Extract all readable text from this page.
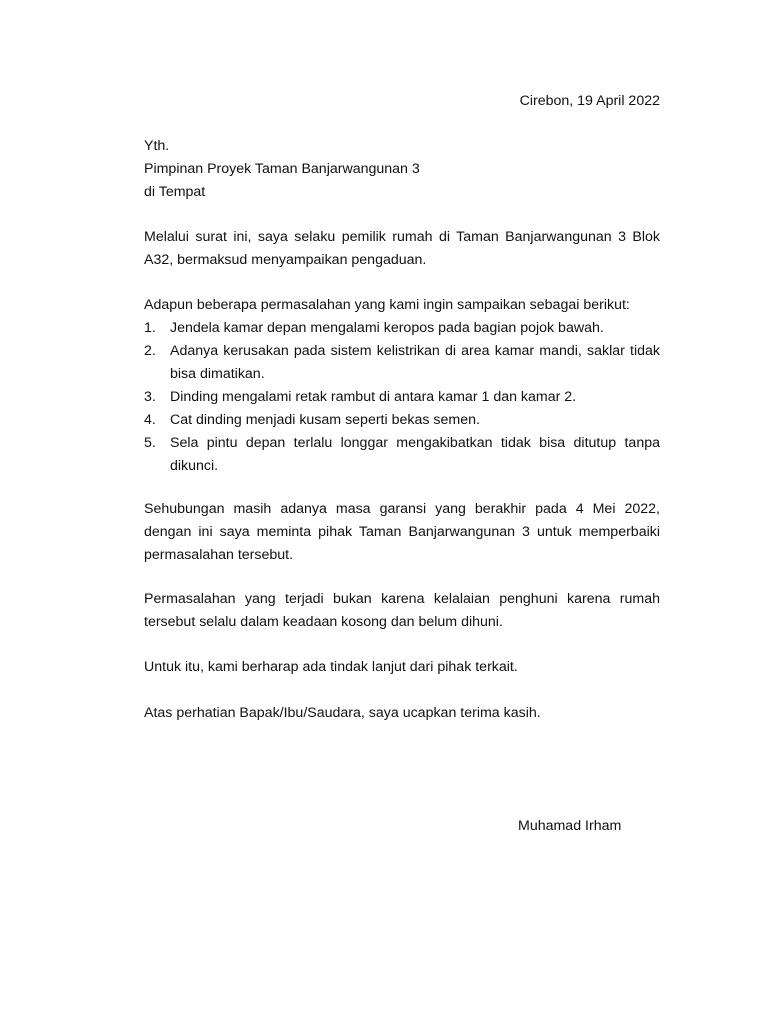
Cirebon, 19 April 2022
Yth.
Pimpinan Proyek Taman Banjarwangunan 3
di Tempat

Melalui surat ini, saya selaku pemilik rumah di Taman Banjarwangunan 3 Blok A32, bermaksud menyampaikan pengaduan.

Adapun beberapa permasalahan yang kami ingin sampaikan sebagai berikut:
1. Jendela kamar depan mengalami keropos pada bagian pojok bawah.
2. Adanya kerusakan pada sistem kelistrikan di area kamar mandi, saklar tidak bisa dimatikan.
3. Dinding mengalami retak rambut di antara kamar 1 dan kamar 2.
4. Cat dinding menjadi kusam seperti bekas semen.
5. Sela pintu depan terlalu longgar mengakibatkan tidak bisa ditutup tanpa dikunci.

Sehubungan masih adanya masa garansi yang berakhir pada 4 Mei 2022, dengan ini saya meminta pihak Taman Banjarwangunan 3 untuk memperbaiki permasalahan tersebut.

Permasalahan yang terjadi bukan karena kelalaian penghuni karena rumah tersebut selalu dalam keadaan kosong dan belum dihuni.

Untuk itu, kami berharap ada tindak lanjut dari pihak terkait.

Atas perhatian Bapak/Ibu/Saudara, saya ucapkan terima kasih.

Muhamad Irham
